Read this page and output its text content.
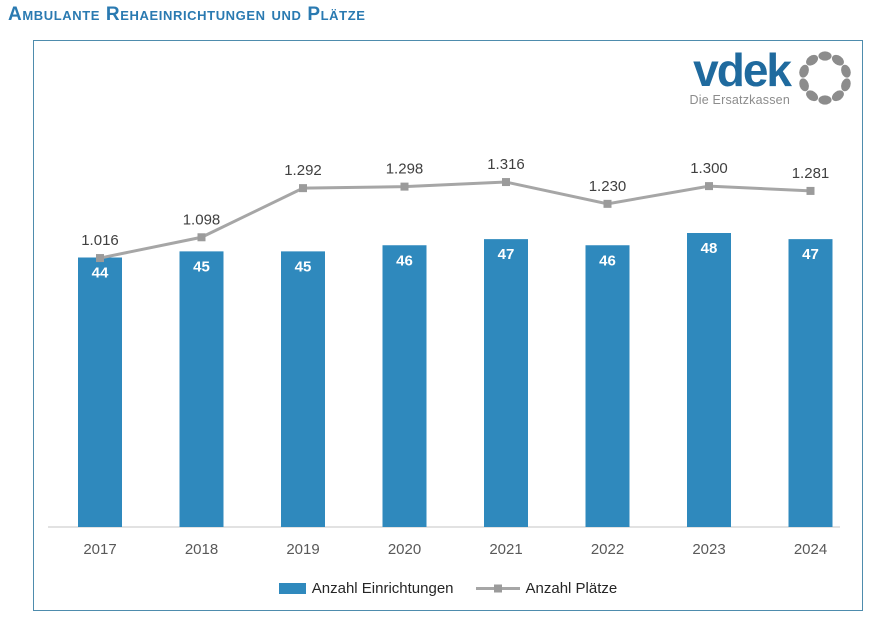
Ambulante Rehaeinrichtungen und Plätze
44	45	45	46	47	46
48	47
1.016
1.098
1.292	1.298	1.316
1.230
1.300	1.281
2017	2018	2019	2020	2021	2022	2023	2024
vdek
Die Ersatzkassen
Anzahl Einrichtungen	Anzahl Plätze
